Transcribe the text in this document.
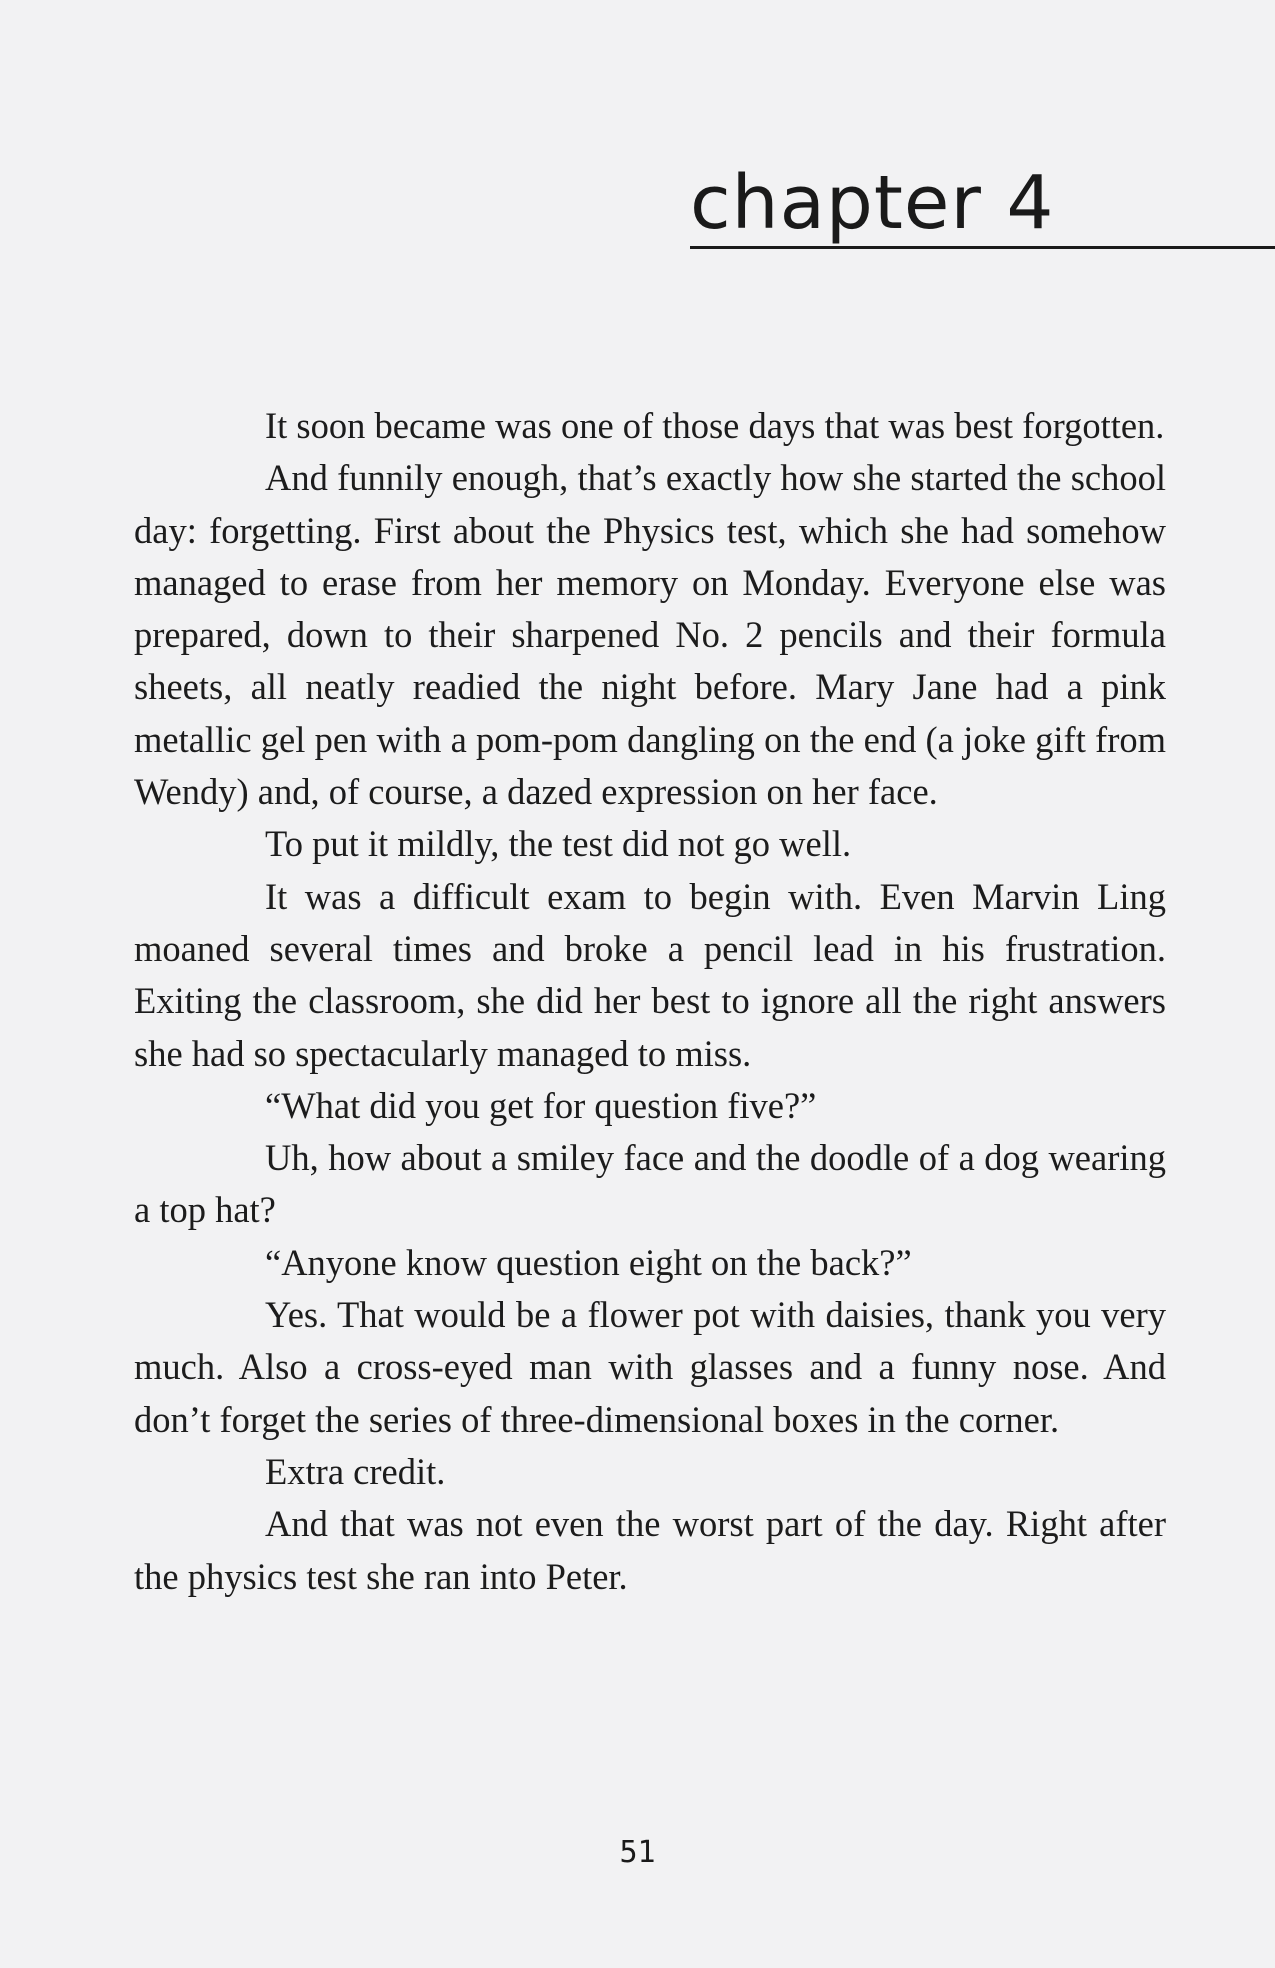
chapter 4

It soon became was one of those days that was best forgotten.

And funnily enough, that’s exactly how she started the school day: forgetting. First about the Physics test, which she had somehow managed to erase from her memory on Monday. Everyone else was prepared, down to their sharpened No. 2 pencils and their formula sheets, all neatly readied the night before. Mary Jane had a pink metallic gel pen with a pom-pom dangling on the end (a joke gift from Wendy) and, of course, a dazed expression on her face.

To put it mildly, the test did not go well.

It was a difficult exam to begin with. Even Marvin Ling moaned several times and broke a pencil lead in his frustration. Exiting the classroom, she did her best to ignore all the right answers she had so spectacularly managed to miss.

“What did you get for question five?”

Uh, how about a smiley face and the doodle of a dog wearing a top hat?

“Anyone know question eight on the back?”

Yes. That would be a flower pot with daisies, thank you very much. Also a cross-eyed man with glasses and a funny nose. And don’t forget the series of three-dimensional boxes in the corner.

Extra credit.

And that was not even the worst part of the day. Right after the physics test she ran into Peter.

51
